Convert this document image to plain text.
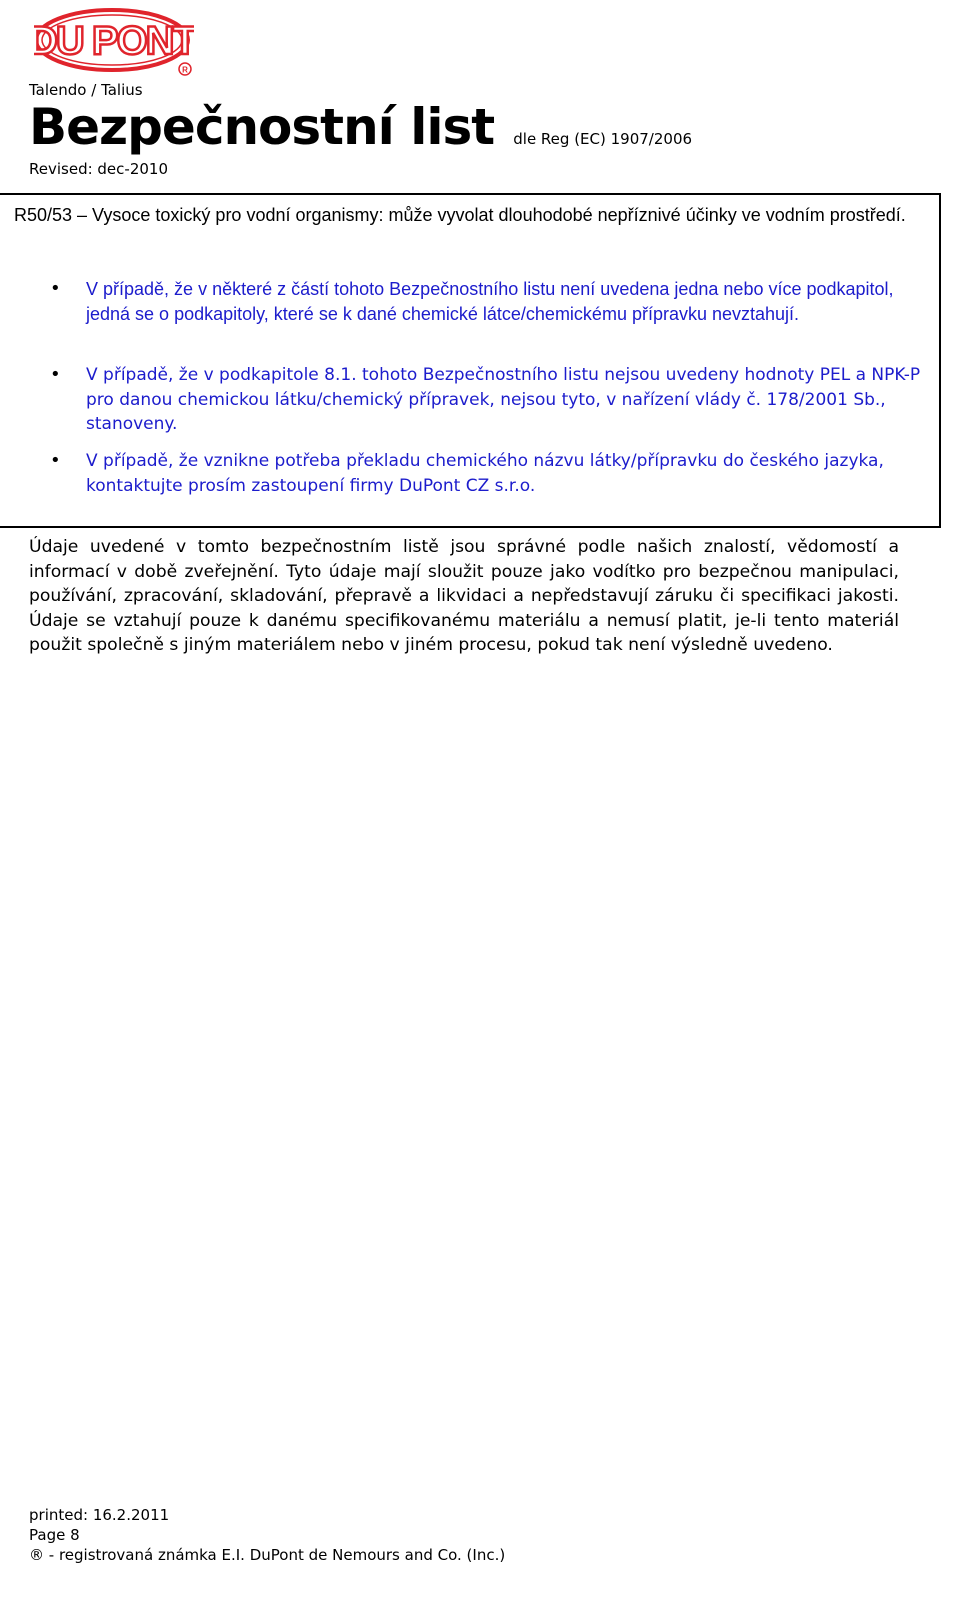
DU PONT
R
Talendo / Talius
Bezpečnostní list dle Reg (EC) 1907/2006
Revised: dec-2010
R50/53 – Vysoce toxický pro vodní organismy: může vyvolat dlouhodobé nepříznivé účinky ve vodním prostředí.
• V případě, že v některé z částí tohoto Bezpečnostního listu není uvedena jedna nebo více podkapitol, jedná se o podkapitoly, které se k dané chemické látce/chemickému přípravku nevztahují.
• V případě, že v podkapitole 8.1. tohoto Bezpečnostního listu nejsou uvedeny hodnoty PEL a NPK-P pro danou chemickou látku/chemický přípravek, nejsou tyto, v nařízení vlády č. 178/2001 Sb., stanoveny.
• V případě, že vznikne potřeba překladu chemického názvu látky/přípravku do českého jazyka, kontaktujte prosím zastoupení firmy DuPont CZ s.r.o.
Údaje uvedené v tomto bezpečnostním listě jsou správné podle našich znalostí, vědomostí a informací v době zveřejnění. Tyto údaje mají sloužit pouze jako vodítko pro bezpečnou manipulaci, používání, zpracování, skladování, přepravě a likvidaci a nepředstavují záruku či specifikaci jakosti. Údaje se vztahují pouze k danému specifikovanému materiálu a nemusí platit, je-li tento materiál použit společně s jiným materiálem nebo v jiném procesu, pokud tak není výsledně uvedeno.
printed: 16.2.2011
Page 8
® - registrovaná známka E.I. DuPont de Nemours and Co. (Inc.)
